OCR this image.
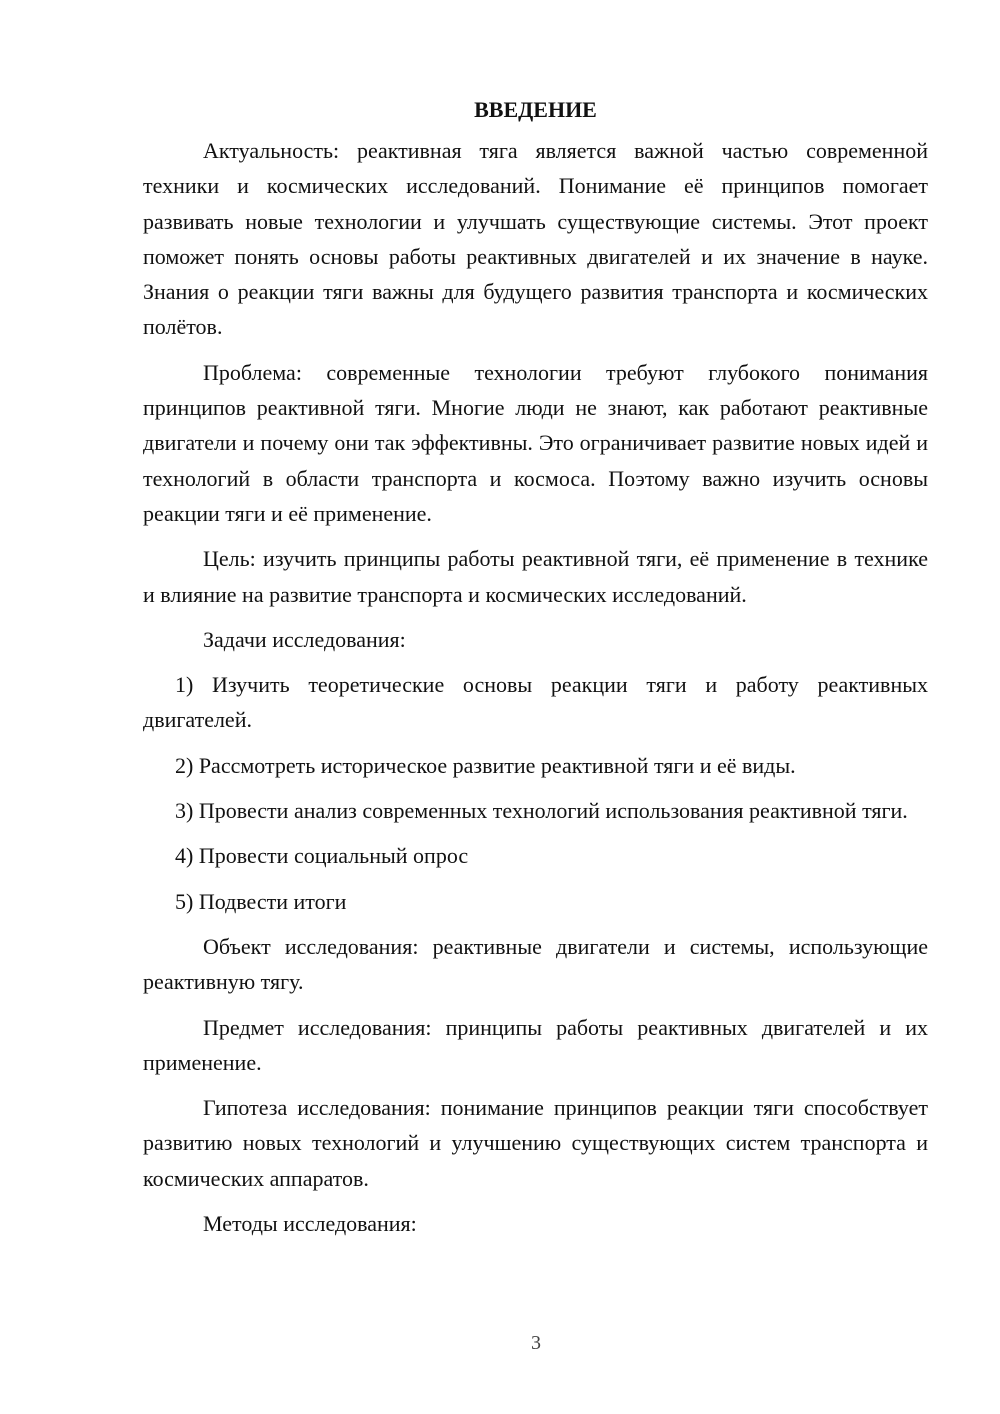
ВВЕДЕНИЕ

Актуальность: реактивная тяга является важной частью современной техники и космических исследований. Понимание её принципов помогает развивать новые технологии и улучшать существующие системы. Этот проект поможет понять основы работы реактивных двигателей и их значение в науке. Знания о реакции тяги важны для будущего развития транспорта и космических полётов.

Проблема: современные технологии требуют глубокого понимания принципов реактивной тяги. Многие люди не знают, как работают реактивные двигатели и почему они так эффективны. Это ограничивает развитие новых идей и технологий в области транспорта и космоса. Поэтому важно изучить основы реакции тяги и её применение.

Цель: изучить принципы работы реактивной тяги, её применение в технике и влияние на развитие транспорта и космических исследований.

Задачи исследования:

1) Изучить теоретические основы реакции тяги и работу реактивных двигателей.

2) Рассмотреть историческое развитие реактивной тяги и её виды.

3) Провести анализ современных технологий использования реактивной тяги.

4) Провести социальный опрос

5) Подвести итоги

Объект исследования: реактивные двигатели и системы, использующие реактивную тягу.

Предмет исследования: принципы работы реактивных двигателей и их применение.

Гипотеза исследования: понимание принципов реакции тяги способствует развитию новых технологий и улучшению существующих систем транспорта и космических аппаратов.

Методы исследования:

3
